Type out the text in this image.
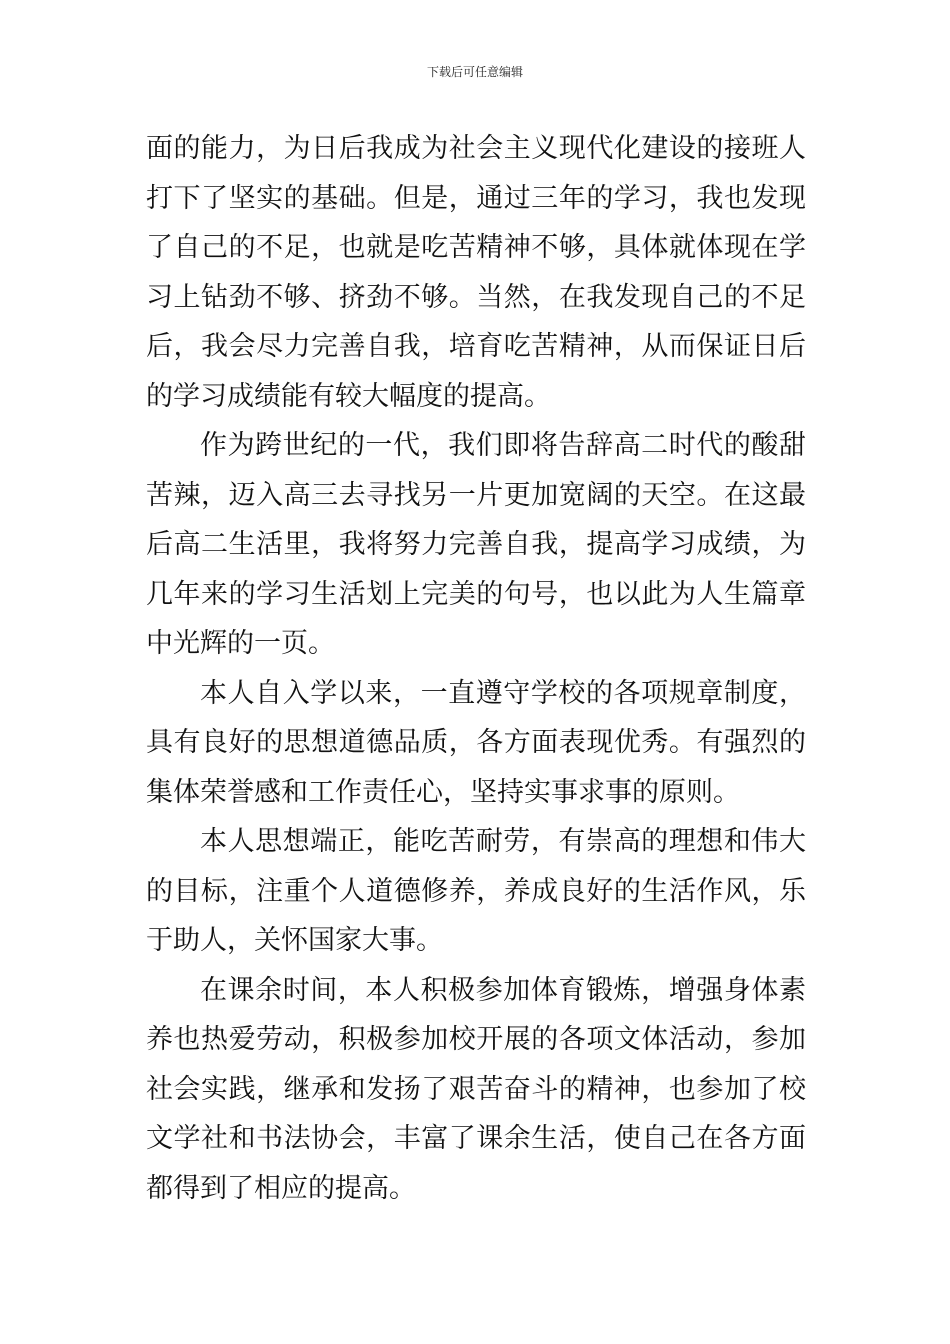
下载后可任意编辑

面的能力，为日后我成为社会主义现代化建设的接班人打下了坚实的基础。但是，通过三年的学习，我也发现了自己的不足，也就是吃苦精神不够，具体就体现在学习上钻劲不够、挤劲不够。当然，在我发现自己的不足后，我会尽力完善自我，培育吃苦精神，从而保证日后的学习成绩能有较大幅度的提高。

作为跨世纪的一代，我们即将告辞高二时代的酸甜苦辣，迈入高三去寻找另一片更加宽阔的天空。在这最 后高二生活里，我将努力完善自我，提高学习成绩，为几年来的学习生活划上完美的句号，也以此为人生篇章中光辉的一页。

本人自入学以来，一直遵守学校的各项规章制度，具有良好的思想道德品质，各方面表现优秀。有强烈的集体荣誉感和工作责任心，坚持实事求事的原则。

本人思想端正，能吃苦耐劳，有崇高的理想和伟大的目标，注重个人道德修养，养成良好的生活作风，乐于助人，关怀国家大事。

在课余时间，本人积极参加体育锻炼，增强身体素养也热爱劳动，积极参加校开展的各项文体活动，参加社会实践，继承和发扬了艰苦奋斗的精神，也参加了校文学社和书法协会，丰富了课余生活，使自己在各方面都得到了相应的提高。
